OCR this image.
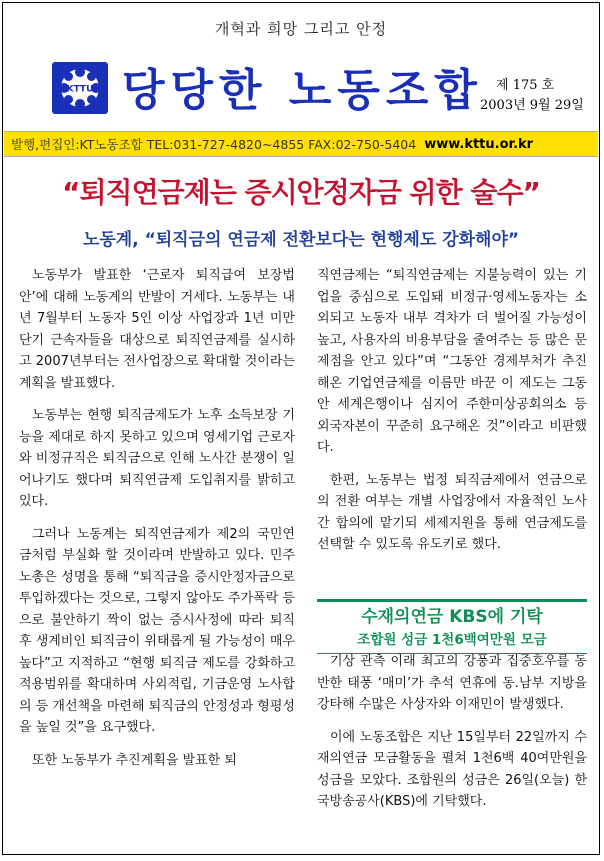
개혁과 희망 그리고 안정
KTTU 당당한 노동조합 제 175 호
2003년 9월 29일
발행,편집인:KT노동조합 TEL:031-727-4820~4855 FAX:02-750-5404 www.kttu.or.kr
“퇴직연금제는 증시안정자금 위한 술수”
노동계, “퇴직금의 연금제 전환보다는 현행제도 강화해야”

노동부가 발표한 ‘근로자 퇴직급여 보장법안’에 대해 노동계의 반발이 거세다. 노동부는 내년 7월부터 노동자 5인 이상 사업장과 1년 미만 단기 근속자들을 대상으로 퇴직연금제를 실시하고 2007년부터는 전사업장으로 확대할 것이라는 계획을 발표했다.

노동부는 현행 퇴직금제도가 노후 소득보장 기능을 제대로 하지 못하고 있으며 영세기업 근로자와 비정규직은 퇴직금으로 인해 노사간 분쟁이 일어나기도 했다며 퇴직연금제 도입취지를 밝히고 있다.

그러나 노동계는 퇴직연금제가 제2의 국민연금처럼 부실화 할 것이라며 반발하고 있다. 민주노총은 성명을 통해 “퇴직금을 증시안정자금으로 투입하겠다는 것으로, 그렇지 않아도 주가폭락 등으로 불안하기 짝이 없는 증시사정에 따라 퇴직 후 생계비인 퇴직금이 위태롭게 될 가능성이 매우 높다”고 지적하고 “현행 퇴직금 제도를 강화하고 적용범위를 확대하며 사외적립, 기금운영 노사합의 등 개선책을 마련해 퇴직금의 안정성과 형평성을 높일 것”을 요구했다.

또한 노동부가 추진계획을 발표한 퇴

직연금제는 “퇴직연금제는 지불능력이 있는 기업을 중심으로 도입돼 비정규·영세노동자는 소외되고 노동자 내부 격차가 더 벌어질 가능성이 높고, 사용자의 비용부담을 줄여주는 등 많은 문제점을 안고 있다”며 “그동안 경제부처가 추진해온 기업연금제를 이름만 바꾼 이 제도는 그동안 세계은행이나 심지어 주한미상공회의소 등 외국자본이 꾸준히 요구해온 것”이라고 비판했다.

한편, 노동부는 법정 퇴직금제에서 연금으로의 전환 여부는 개별 사업장에서 자율적인 노사간 합의에 맡기되 세제지원을 통해 연금제도를 선택할 수 있도록 유도키로 했다.

수재의연금 KBS에 기탁
조합원 성금 1천6백여만원 모금

기상 관측 이래 최고의 강풍과 집중호우를 동반한 태풍 ‘매미’가 추석 연휴에 동.남부 지방을 강타해 수많은 사상자와 이재민이 발생했다.

이에 노동조합은 지난 15일부터 22일까지 수재의연금 모금활동을 펼쳐 1천6백 40여만원을 성금을 모았다. 조합원의 성금은 26일(오늘) 한국방송공사(KBS)에 기탁했다.
